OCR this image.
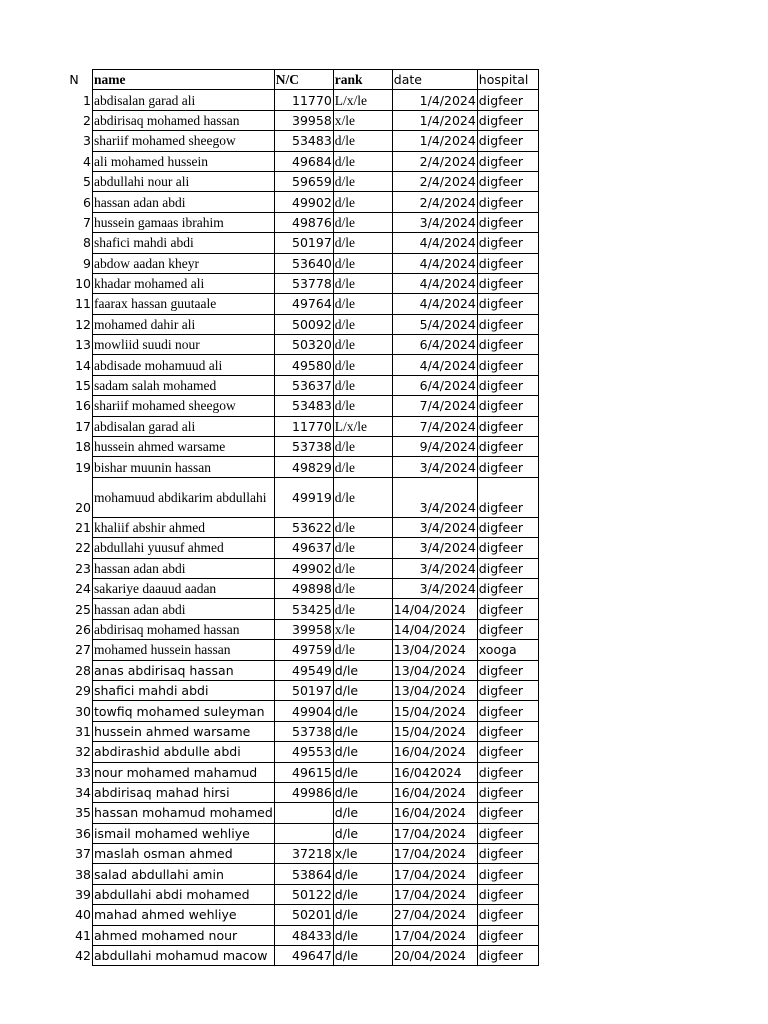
N	name	N/C	rank	date	hospital
1	abdisalan garad ali	11770	L/x/le	1/4/2024	digfeer
2	abdirisaq mohamed hassan	39958	x/le	1/4/2024	digfeer
3	shariif mohamed sheegow	53483	d/le	1/4/2024	digfeer
4	ali mohamed hussein	49684	d/le	2/4/2024	digfeer
5	abdullahi nour ali	59659	d/le	2/4/2024	digfeer
6	hassan adan abdi	49902	d/le	2/4/2024	digfeer
7	hussein gamaas ibrahim	49876	d/le	3/4/2024	digfeer
8	shafici mahdi abdi	50197	d/le	4/4/2024	digfeer
9	abdow aadan kheyr	53640	d/le	4/4/2024	digfeer
10	khadar mohamed ali	53778	d/le	4/4/2024	digfeer
11	faarax hassan guutaale	49764	d/le	4/4/2024	digfeer
12	mohamed dahir ali	50092	d/le	5/4/2024	digfeer
13	mowliid suudi nour	50320	d/le	6/4/2024	digfeer
14	abdisade mohamuud ali	49580	d/le	4/4/2024	digfeer
15	sadam salah mohamed	53637	d/le	6/4/2024	digfeer
16	shariif mohamed sheegow	53483	d/le	7/4/2024	digfeer
17	abdisalan garad ali	11770	L/x/le	7/4/2024	digfeer
18	hussein ahmed warsame	53738	d/le	9/4/2024	digfeer
19	bishar muunin hassan	49829	d/le	3/4/2024	digfeer
20	mohamuud abdikarim abdullahi	49919	d/le	3/4/2024	digfeer
21	khaliif abshir ahmed	53622	d/le	3/4/2024	digfeer
22	abdullahi yuusuf ahmed	49637	d/le	3/4/2024	digfeer
23	hassan adan abdi	49902	d/le	3/4/2024	digfeer
24	sakariye daauud aadan	49898	d/le	3/4/2024	digfeer
25	hassan adan abdi	53425	d/le	14/04/2024	digfeer
26	abdirisaq mohamed hassan	39958	x/le	14/04/2024	digfeer
27	mohamed hussein hassan	49759	d/le	13/04/2024	xooga
28	anas abdirisaq hassan	49549	d/le	13/04/2024	digfeer
29	shafici mahdi abdi	50197	d/le	13/04/2024	digfeer
30	towfiq mohamed suleyman	49904	d/le	15/04/2024	digfeer
31	hussein ahmed warsame	53738	d/le	15/04/2024	digfeer
32	abdirashid abdulle abdi	49553	d/le	16/04/2024	digfeer
33	nour mohamed mahamud	49615	d/le	16/042024	digfeer
34	abdirisaq mahad hirsi	49986	d/le	16/04/2024	digfeer
35	hassan mohamud mohamed		d/le	16/04/2024	digfeer
36	ismail mohamed wehliye		d/le	17/04/2024	digfeer
37	maslah osman ahmed	37218	x/le	17/04/2024	digfeer
38	salad abdullahi amin	53864	d/le	17/04/2024	digfeer
39	abdullahi abdi mohamed	50122	d/le	17/04/2024	digfeer
40	mahad ahmed wehliye	50201	d/le	27/04/2024	digfeer
41	ahmed mohamed nour	48433	d/le	17/04/2024	digfeer
42	abdullahi mohamud macow	49647	d/le	20/04/2024	digfeer
